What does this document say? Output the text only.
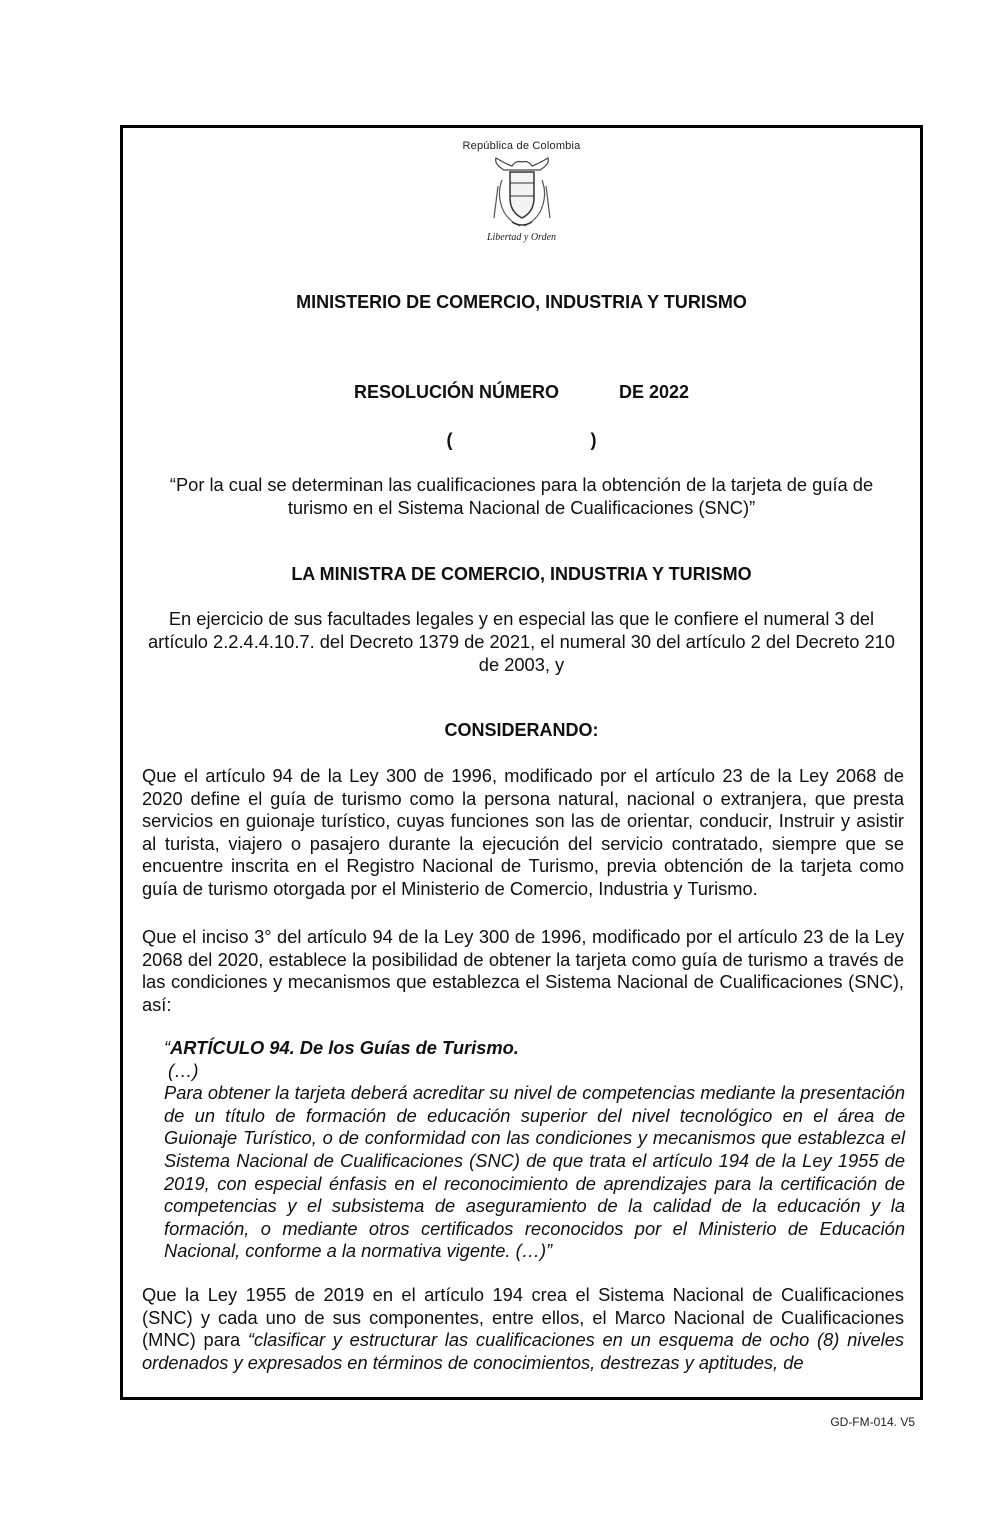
República de Colombia
Libertad y Orden
MINISTERIO DE COMERCIO, INDUSTRIA Y TURISMO
RESOLUCIÓN NÚMERO	DE 2022
(	)
“Por la cual se determinan las cualificaciones para la obtención de la tarjeta de guía de turismo en el Sistema Nacional de Cualificaciones (SNC)”
LA MINISTRA DE COMERCIO, INDUSTRIA Y TURISMO
En ejercicio de sus facultades legales y en especial las que le confiere el numeral 3 del artículo 2.2.4.4.10.7. del Decreto 1379 de 2021, el numeral 30 del artículo 2 del Decreto 210 de 2003, y
CONSIDERANDO:
Que el artículo 94 de la Ley 300 de 1996, modificado por el artículo 23 de la Ley 2068 de 2020 define el guía de turismo como la persona natural, nacional o extranjera, que presta servicios en guionaje turístico, cuyas funciones son las de orientar, conducir, Instruir y asistir al turista, viajero o pasajero durante la ejecución del servicio contratado, siempre que se encuentre inscrita en el Registro Nacional de Turismo, previa obtención de la tarjeta como guía de turismo otorgada por el Ministerio de Comercio, Industria y Turismo.
Que el inciso 3° del artículo 94 de la Ley 300 de 1996, modificado por el artículo 23 de la Ley 2068 del 2020, establece la posibilidad de obtener la tarjeta como guía de turismo a través de las condiciones y mecanismos que establezca el Sistema Nacional de Cualificaciones (SNC), así:
“ARTÍCULO 94. De los Guías de Turismo.
(…)
Para obtener la tarjeta deberá acreditar su nivel de competencias mediante la presentación de un título de formación de educación superior del nivel tecnológico en el área de Guionaje Turístico, o de conformidad con las condiciones y mecanismos que establezca el Sistema Nacional de Cualificaciones (SNC) de que trata el artículo 194 de la Ley 1955 de 2019, con especial énfasis en el reconocimiento de aprendizajes para la certificación de competencias y el subsistema de aseguramiento de la calidad de la educación y la formación, o mediante otros certificados reconocidos por el Ministerio de Educación Nacional, conforme a la normativa vigente. (…)”
Que la Ley 1955 de 2019 en el artículo 194 crea el Sistema Nacional de Cualificaciones (SNC) y cada uno de sus componentes, entre ellos, el Marco Nacional de Cualificaciones (MNC) para “clasificar y estructurar las cualificaciones en un esquema de ocho (8) niveles ordenados y expresados en términos de conocimientos, destrezas y aptitudes, de
GD-FM-014. V5
